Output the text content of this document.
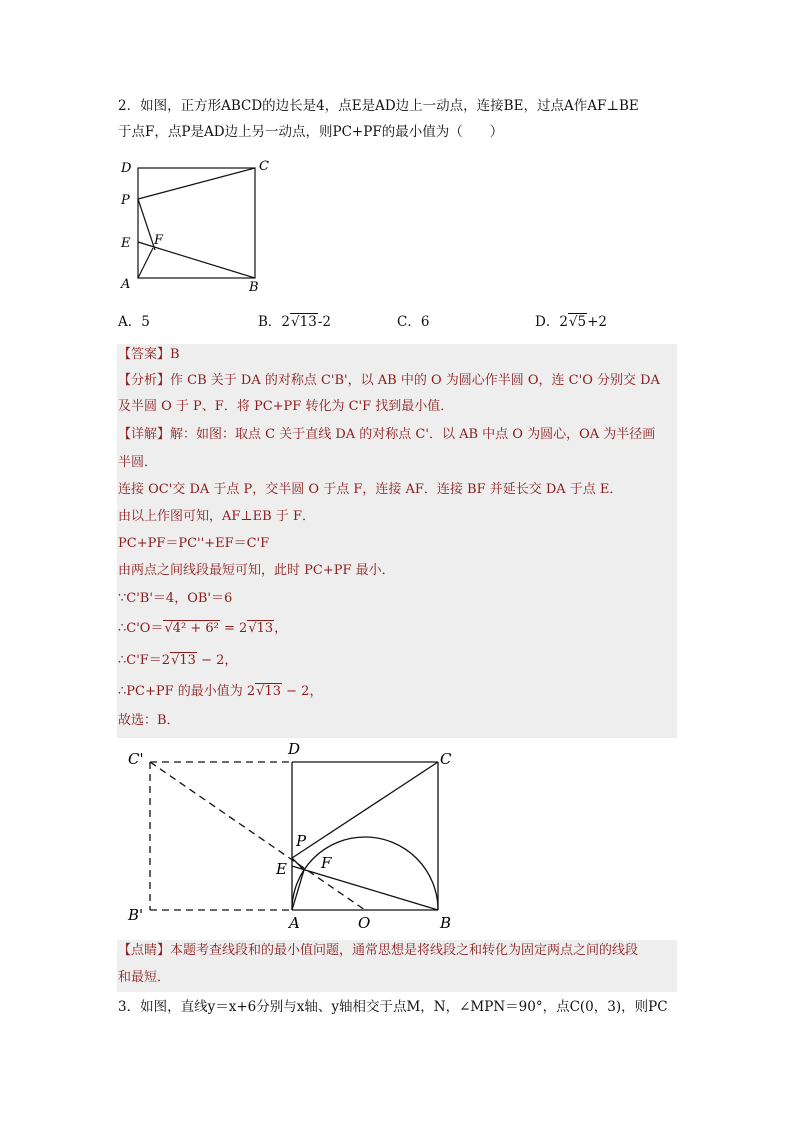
2．如图，正方形ABCD的边长是4，点E是AD边上一动点，连接BE，过点A作AF⊥BE
于点F，点P是AD边上另一动点，则PC+PF的最小值为（　　）
D	C
P
E F
A	B
A．5	B．2√13-2	C．6	D．2√5+2
【答案】B
【分析】作 CB 关于 DA 的对称点 C'B'，以 AB 中的 O 为圆心作半圆 O，连 C'O 分别交 DA
及半圆 O 于 P、F．将 PC+PF 转化为 C'F 找到最小值．
【详解】解：如图：取点 C 关于直线 DA 的对称点 C'．以 AB 中点 O 为圆心，OA 为半径画
半圆．
连接 OC'交 DA 于点 P，交半圆 O 于点 F，连接 AF．连接 BF 并延长交 DA 于点 E．
由以上作图可知，AF⊥EB 于 F．
PC+PF＝PC''+EF＝C'F
由两点之间线段最短可知，此时 PC+PF 最小．
∵C'B'＝4，OB'＝6
∴C'O＝√4² + 6² = 2√13，
∴C'F＝2√13 − 2，
∴PC+PF 的最小值为 2√13 − 2，
故选：B．
C'
D
C
P
E F
B'	A	O	B
【点睛】本题考查线段和的最小值问题，通常思想是将线段之和转化为固定两点之间的线段
和最短．
3．如图，直线y＝x+6分别与x轴、y轴相交于点M，N，∠MPN＝90°，点C(0，3)，则PC
